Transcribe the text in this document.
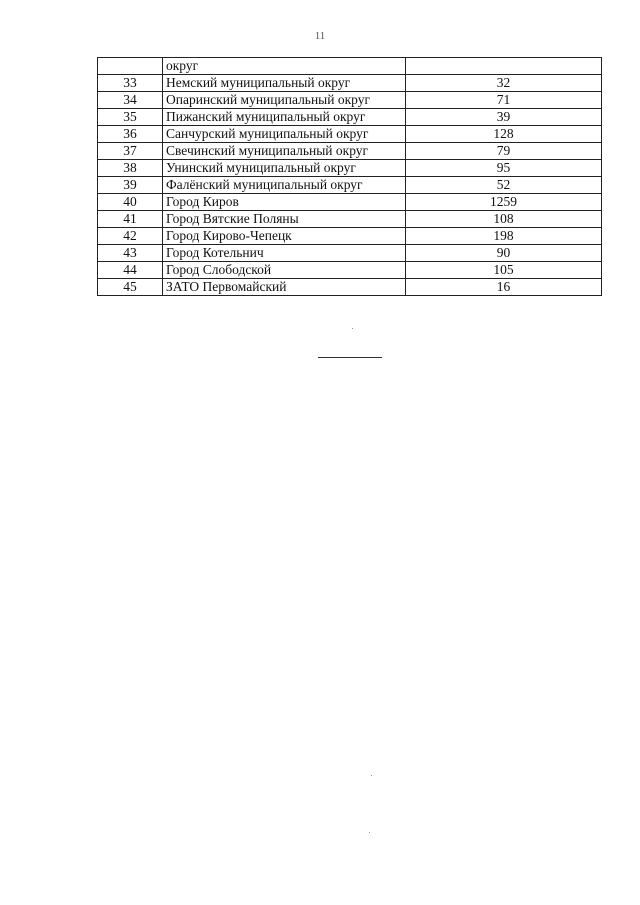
11
	округ	
33	Немский муниципальный округ	32
34	Опаринский муниципальный округ	71
35	Пижанский муниципальный округ	39
36	Санчурский муниципальный округ	128
37	Свечинский муниципальный округ	79
38	Унинский муниципальный округ	95
39	Фалёнский муниципальный округ	52
40	Город Киров	1259
41	Город Вятские Поляны	108
42	Город Кирово-Чепецк	198
43	Город Котельнич	90
44	Город Слободской	105
45	ЗАТО Первомайский	16
